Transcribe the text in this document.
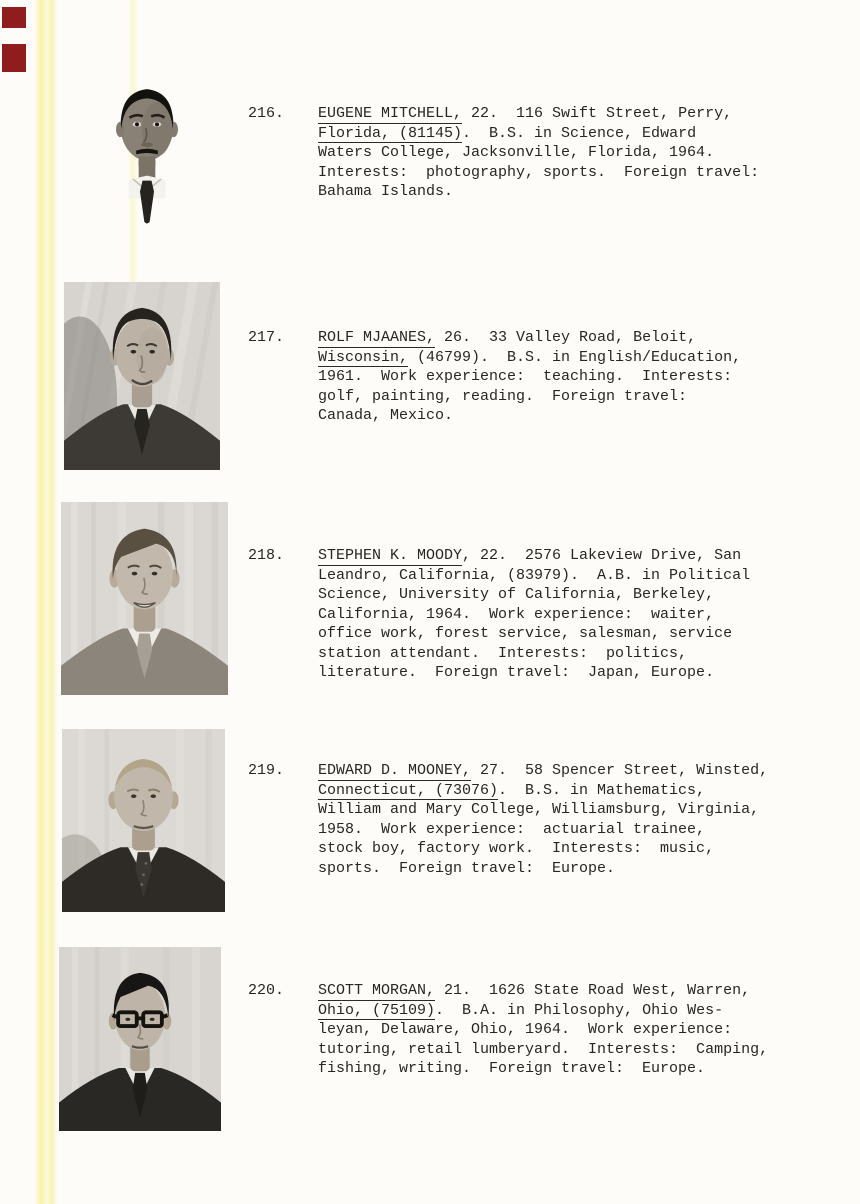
216. EUGENE MITCHELL, 22.  116 Swift Street, Perry,
Florida, (81145).  B.S. in Science, Edward
Waters College, Jacksonville, Florida, 1964.
Interests:  photography, sports.  Foreign travel:
Bahama Islands.
217. ROLF MJAANES, 26.  33 Valley Road, Beloit,
Wisconsin, (46799).  B.S. in English/Education,
1961.  Work experience:  teaching.  Interests:
golf, painting, reading.  Foreign travel:
Canada, Mexico.
218. STEPHEN K. MOODY, 22.  2576 Lakeview Drive, San
Leandro, California, (83979).  A.B. in Political
Science, University of California, Berkeley,
California, 1964.  Work experience:  waiter,
office work, forest service, salesman, service
station attendant.  Interests:  politics,
literature.  Foreign travel:  Japan, Europe.
219. EDWARD D. MOONEY, 27.  58 Spencer Street, Winsted,
Connecticut, (73076).  B.S. in Mathematics,
William and Mary College, Williamsburg, Virginia,
1958.  Work experience:  actuarial trainee,
stock boy, factory work.  Interests:  music,
sports.  Foreign travel:  Europe.
220. SCOTT MORGAN, 21.  1626 State Road West, Warren,
Ohio, (75109).  B.A. in Philosophy, Ohio Wes-
leyan, Delaware, Ohio, 1964.  Work experience:
tutoring, retail lumberyard.  Interests:  Camping,
fishing, writing.  Foreign travel:  Europe.
